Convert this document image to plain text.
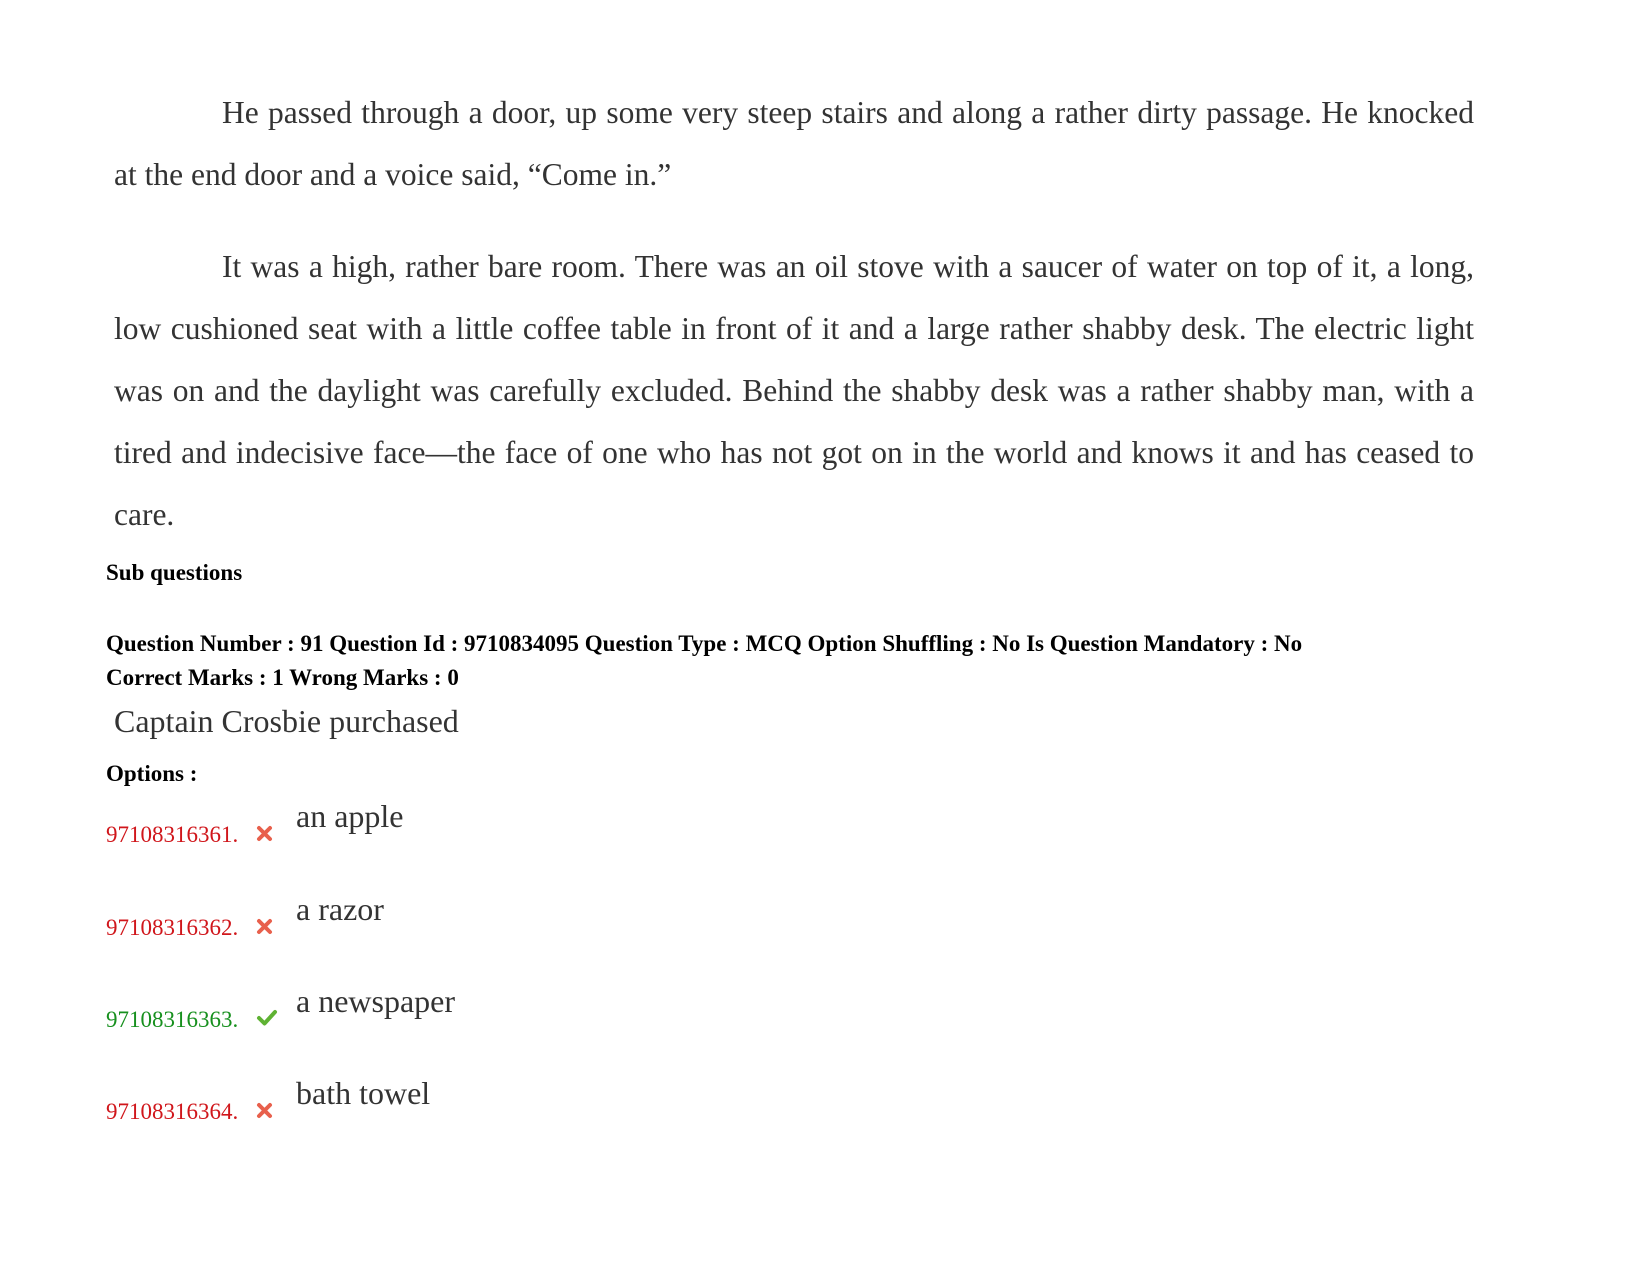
He passed through a door, up some very steep stairs and along a rather dirty passage. He knocked at the end door and a voice said, “Come in.”

It was a high, rather bare room. There was an oil stove with a saucer of water on top of it, a long, low cushioned seat with a little coffee table in front of it and a large rather shabby desk. The electric light was on and the daylight was carefully excluded. Behind the shabby desk was a rather shabby man, with a tired and indecisive face—the face of one who has not got on in the world and knows it and has ceased to care.

Sub questions
Question Number : 91 Question Id : 9710834095 Question Type : MCQ Option Shuffling : No Is Question Mandatory : No
Correct Marks : 1 Wrong Marks : 0
Captain Crosbie purchased
Options :
97108316361.
an apple
97108316362.
a razor
97108316363.
a newspaper
97108316364.
bath towel
